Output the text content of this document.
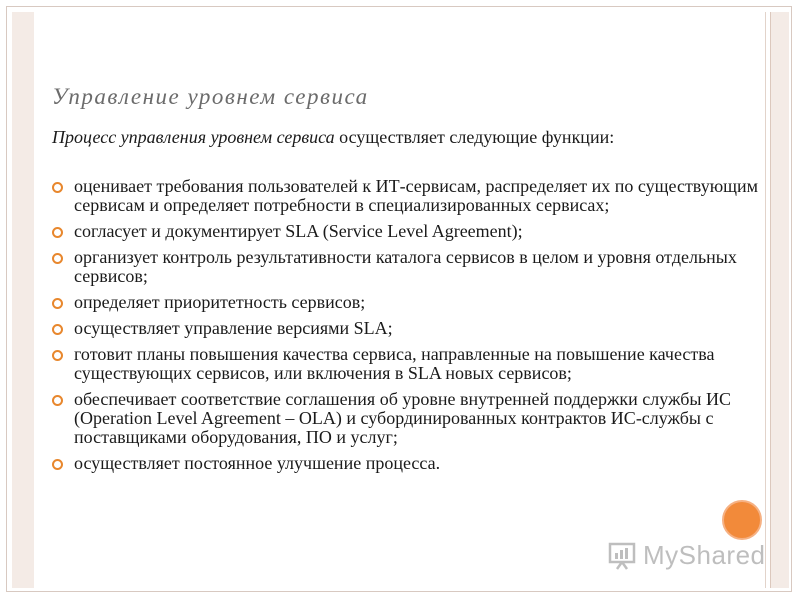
Управление уровнем сервиса
Процесс управления уровнем сервиса осуществляет следующие функции:
оценивает требования пользователей к ИТ-сервисам, распределяет их по существующим сервисам и определяет потребности в специализированных сервисах;
согласует и документирует SLA (Service Level Agreement);
организует контроль результативности каталога сервисов в целом и уровня отдельных сервисов;
определяет приоритетность сервисов;
осуществляет управление версиями SLA;
готовит планы повышения качества сервиса, направленные на повышение качества существующих сервисов, или включения в SLA новых сервисов;
обеспечивает соответствие соглашения об уровне внутренней поддержки службы ИС (Operation Level Agreement – OLA) и субординированных контрактов ИС-службы с поставщиками оборудования, ПО и услуг;
осуществляет постоянное улучшение процесса.
MyShared
